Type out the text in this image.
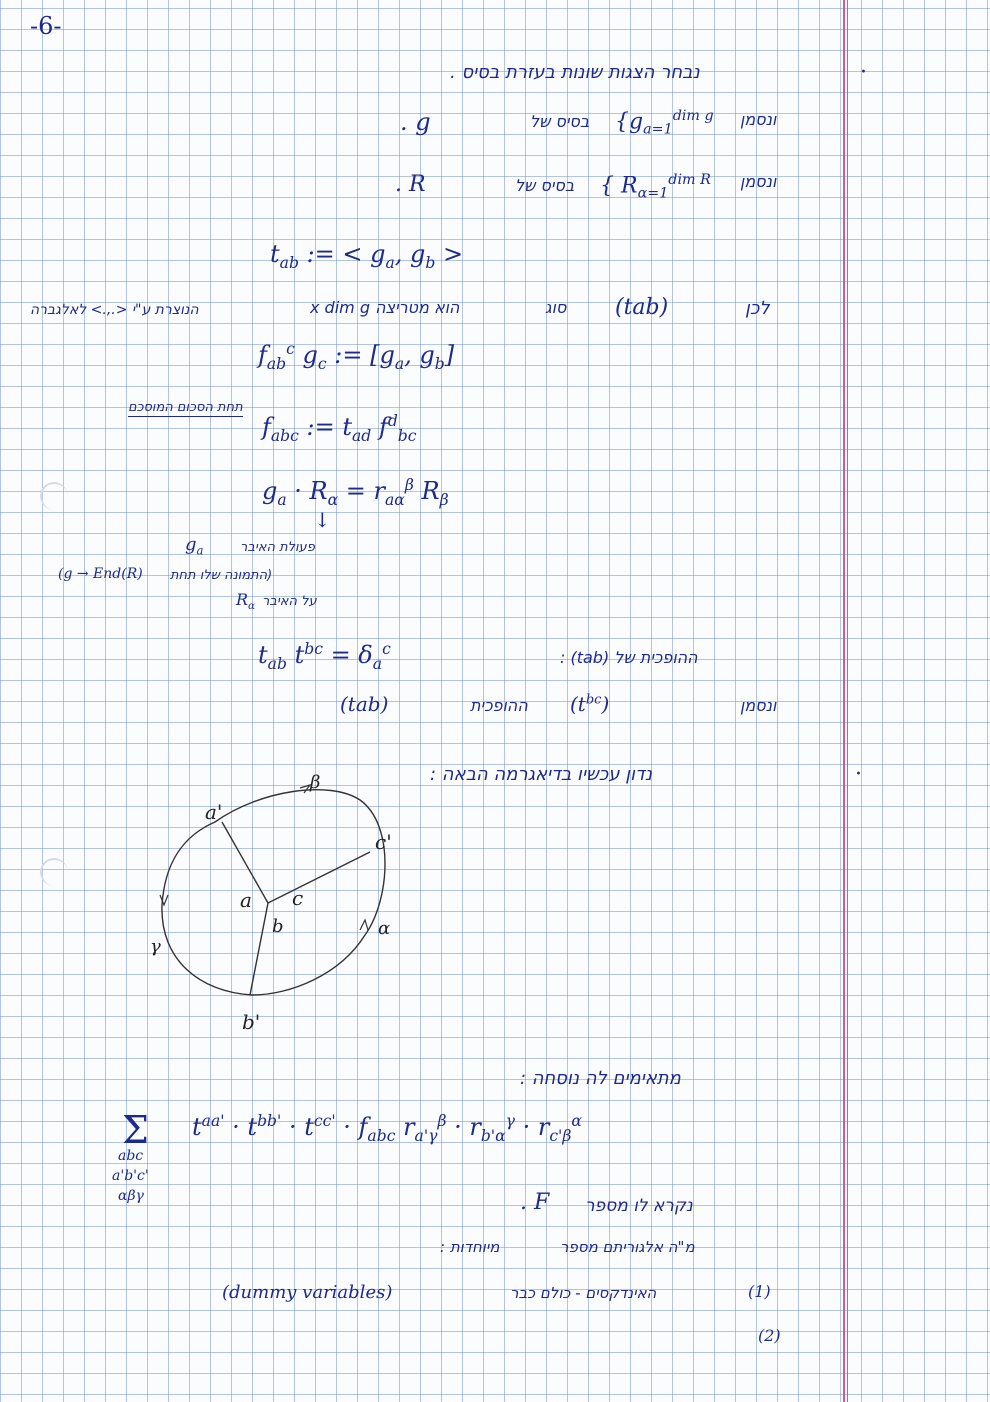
-6-
·
·
נבחר הצגות שונות בעזרת בסיס .
ונסמן
{$g_{a=1}^{dim g}$
בסיס של
. g
ונסמן
{ $R_{\alpha=1}^{dim R}$
בסיס של
. R
$t_{ab}$ := < $g_a$, $g_b$ >
לכן
(tab)
סוג
הוא מטריצה x dim g
הנוצרת ע"י <.,.> לאלגברה
$f_{ab}^c$ $g_c$ := [$g_a$, $g_b$]
תחת הסכום המוסכם
$f_{abc}$ := $t_{ad}$ $f^d_{bc}$
$g_a \cdot R_\alpha = r_{a\alpha}^\beta$ $R_\beta$
↓
$g_a$	פעולת האיבר
(התמונה שלו תחת
(g → End(R)
$R_\alpha$ על האיבר
$t_{ab}$ $t^{bc} = \delta_a^c$	: (tab) ההופכית של
ונסמן
$(t^{bc})$
ההופכית
(tab)
נדון עכשיו בדיאגרמה הבאה :
a'
β
c'
a c
b	α
γ
b'
מתאימים לה נוסחה :
Σ
abc
a'b'c'
αβγ
$t^{aa'} \cdot t^{bb'} \cdot t^{cc'} \cdot f_{abc}$ $r_{a'\gamma}^\beta \cdot r_{b'\alpha}^\gamma \cdot r_{c'\beta}^\alpha$
נקרא לו מספר
. F
מ"ה אלגוריתם מספר
מיוחדות :
(1)
האינדקסים - כולם כבר
(dummy variables)
(2)
